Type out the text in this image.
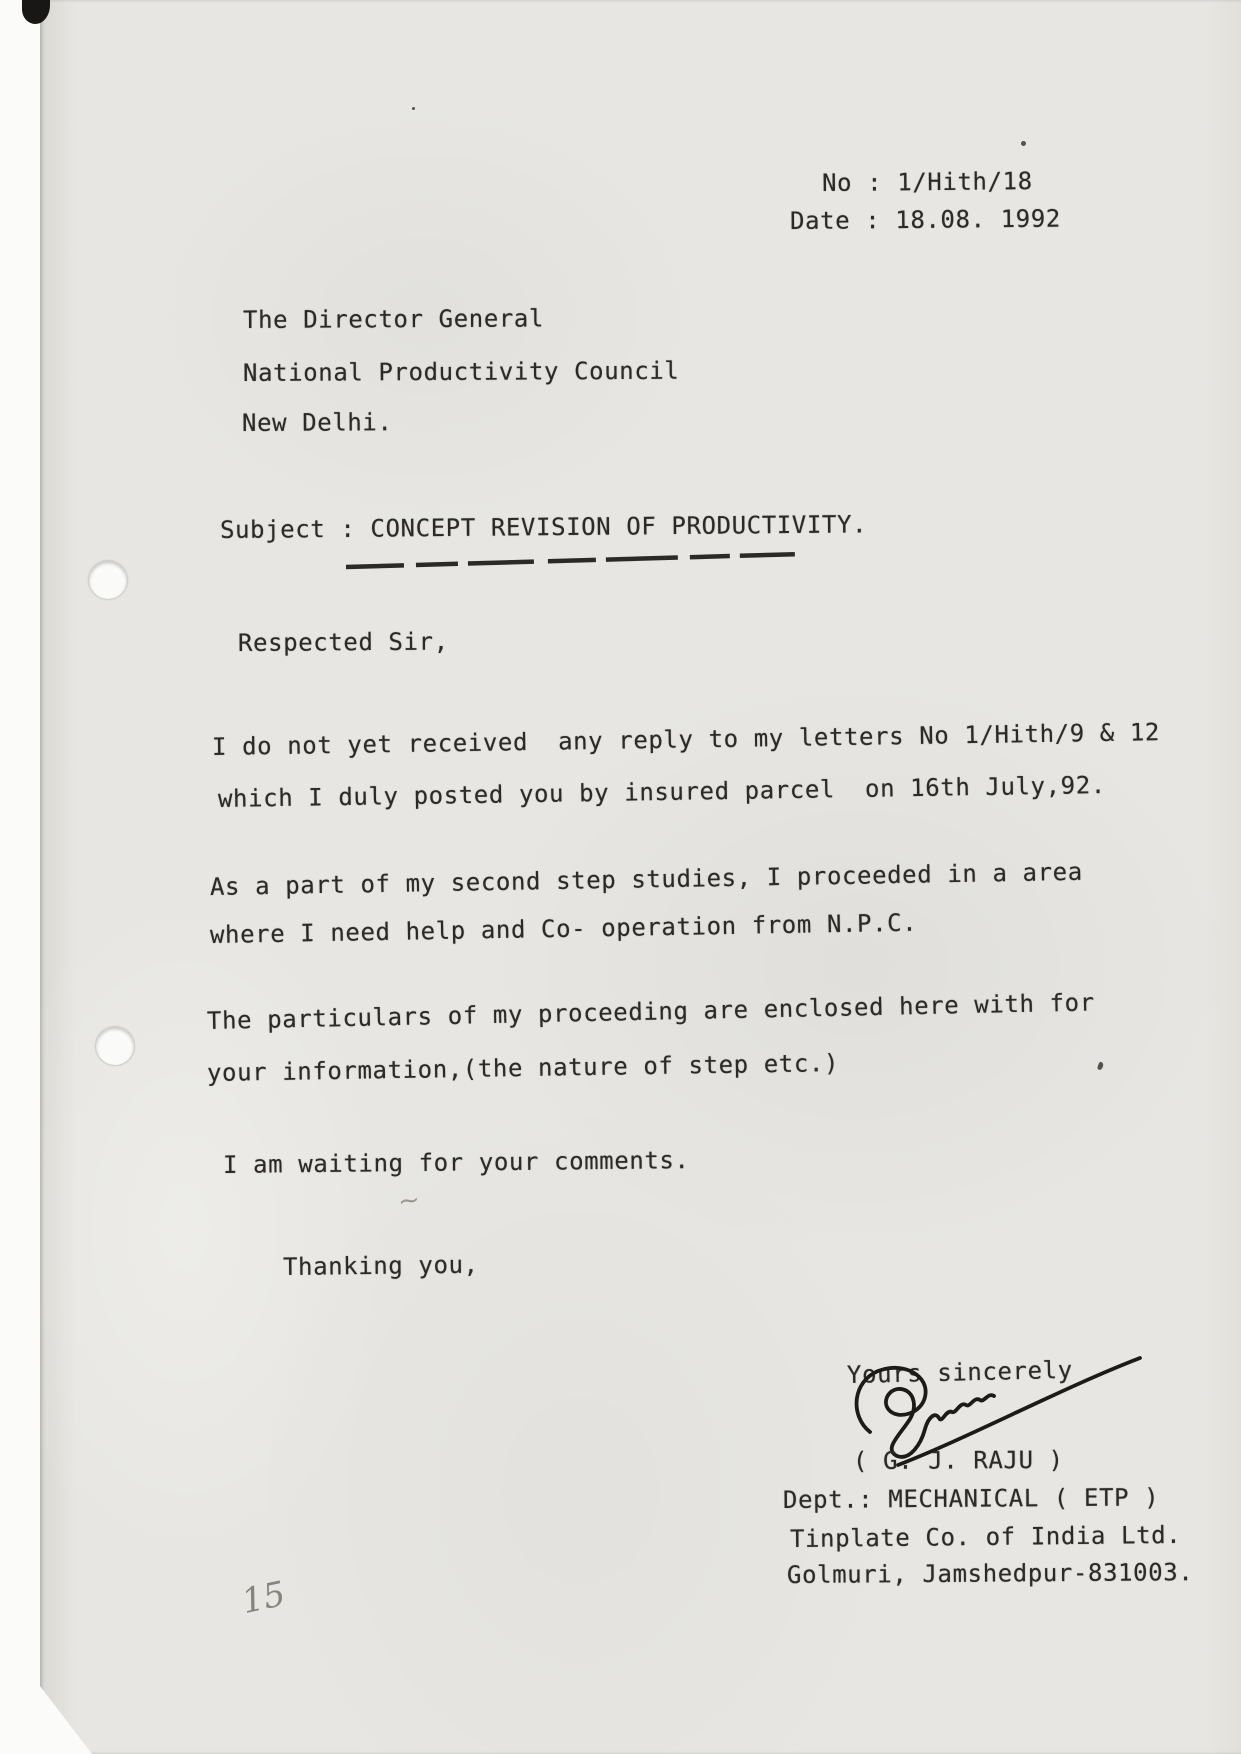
No : 1/Hith/18
Date : 18.08. 1992
The Director General
National Productivity Council
New Delhi.
Subject : CONCEPT REVISION OF PRODUCTIVITY.
Respected Sir,
I do not yet received  any reply to my letters No 1/Hith/9 & 12
which I duly posted you by insured parcel  on 16th July,92.
As a part of my second step studies, I proceeded in a area
where I need help and Co- operation from N.P.C.
The particulars of my proceeding are enclosed here with for
your information,(the nature of step etc.)
I am waiting for your comments.
Thanking you,
Yours sincerely
( G. J. RAJU )
Dept.: MECHANICAL ( ETP )
Tinplate Co. of India Ltd.
Golmuri, Jamshedpur-831003.
15
~
